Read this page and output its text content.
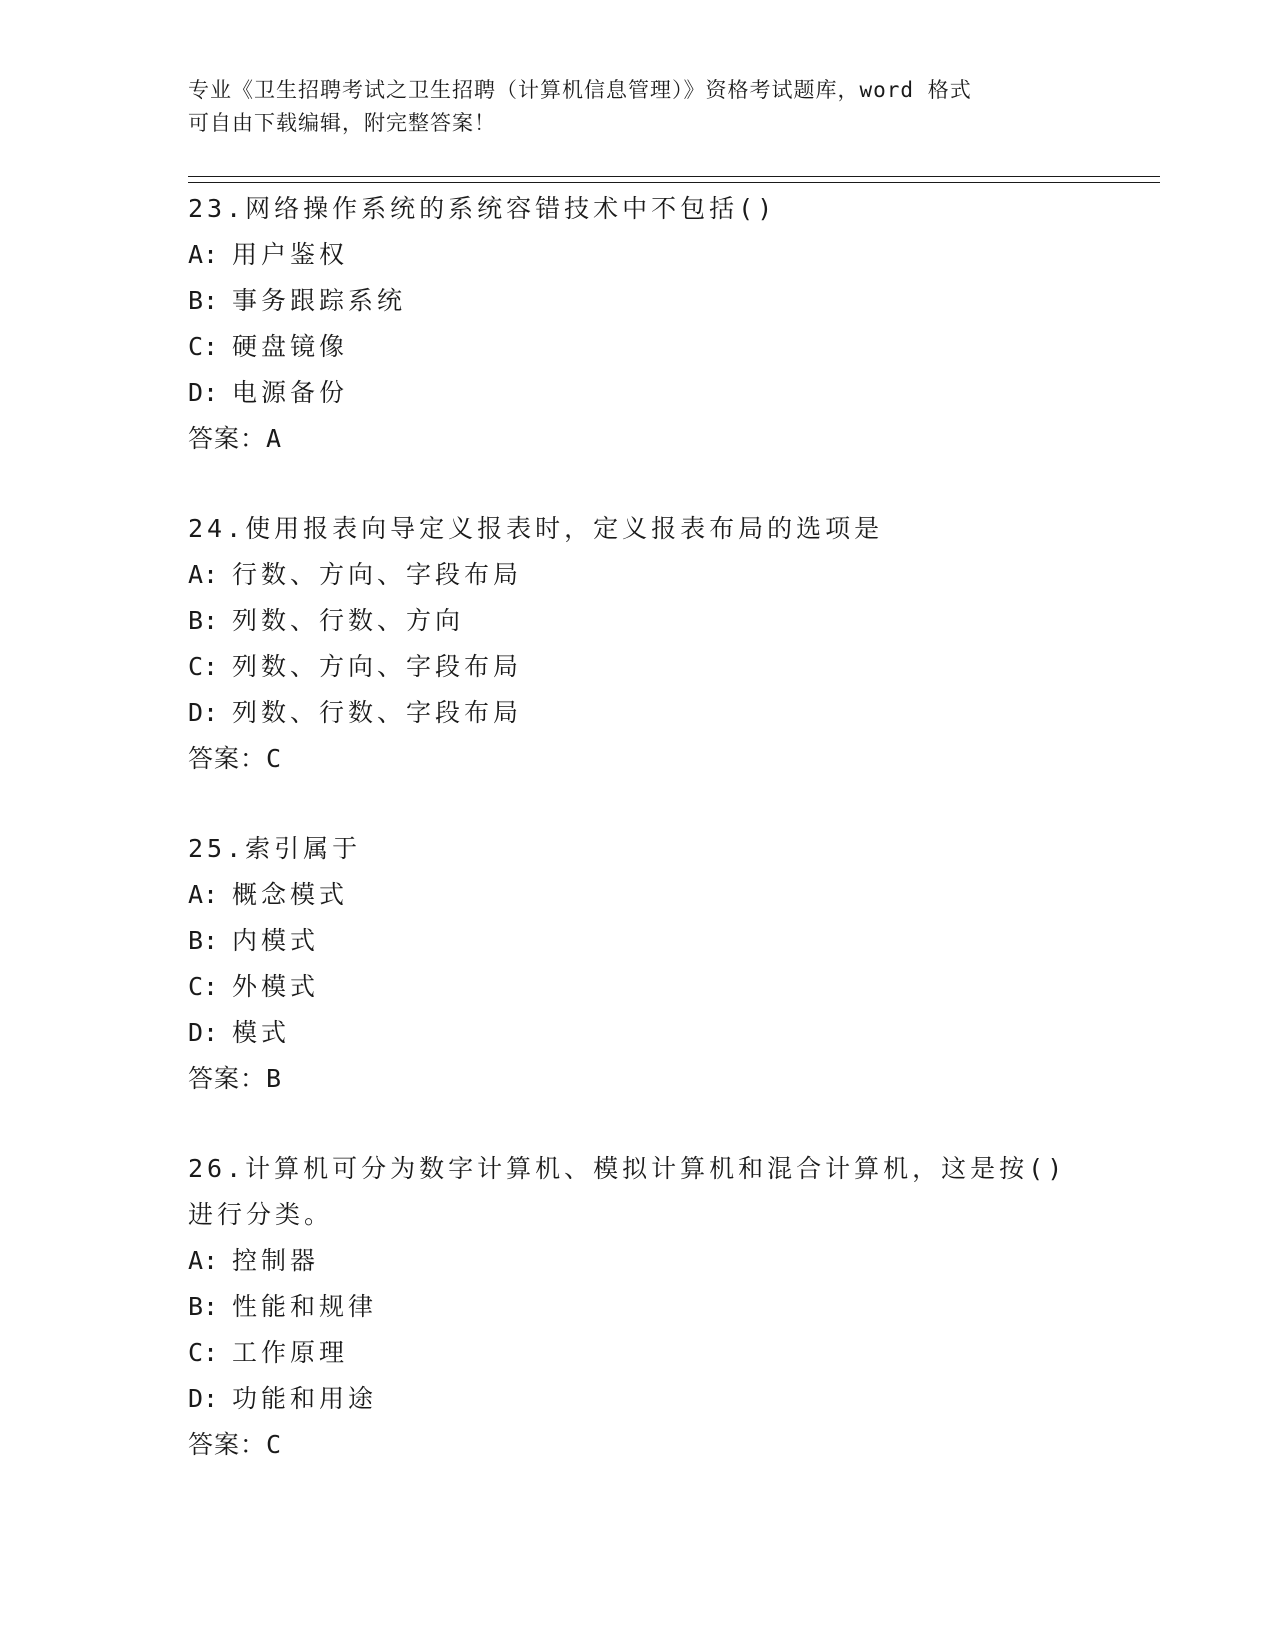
专业《卫生招聘考试之卫生招聘（计算机信息管理）》资格考试题库，word 格式
可自由下载编辑，附完整答案！
23.网络操作系统的系统容错技术中不包括()
A: 用户鉴权
B: 事务跟踪系统
C: 硬盘镜像
D: 电源备份
答案：A
24.使用报表向导定义报表时，定义报表布局的选项是
A: 行数、方向、字段布局
B: 列数、行数、方向
C: 列数、方向、字段布局
D: 列数、行数、字段布局
答案：C
25.索引属于
A: 概念模式
B: 内模式
C: 外模式
D: 模式
答案：B
26.计算机可分为数字计算机、模拟计算机和混合计算机，这是按()进行分类。
A: 控制器
B: 性能和规律
C: 工作原理
D: 功能和用途
答案：C
